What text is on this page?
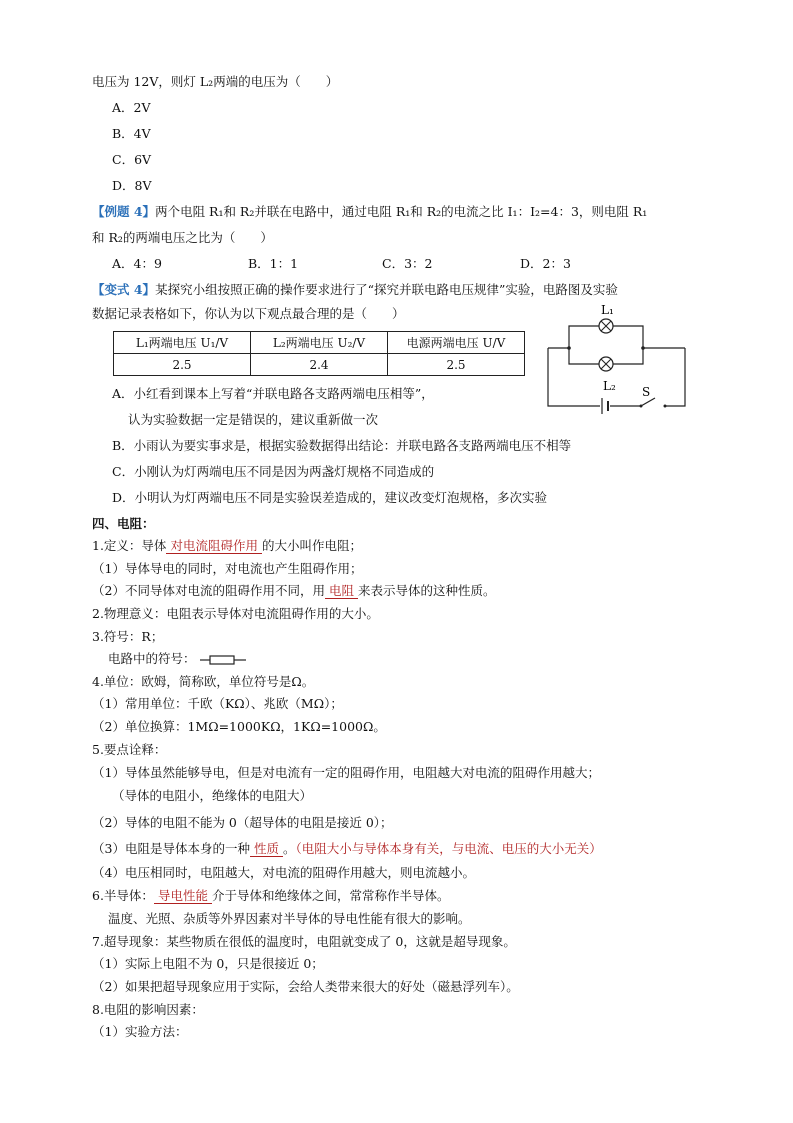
电压为 12V，则灯 L₂两端的电压为（　　）
A．2V
B．4V
C．6V
D．8V
【例题 4】两个电阻 R₁和 R₂并联在电路中，通过电阻 R₁和 R₂的电流之比 I₁：I₂=4：3，则电阻 R₁
和 R₂的两端电压之比为（　　）
A．4：9	B．1：1	C．3：2	D．2：3
【变式 4】某探究小组按照正确的操作要求进行了“探究并联电路电压规律”实验，电路图及实验
数据记录表格如下，你认为以下观点最合理的是（　　）
L₁两端电压 U₁/V	L₂两端电压 U₂/V	电源两端电压 U/V
2.5	2.4	2.5
L₁
L₂ S
A．小红看到课本上写着“并联电路各支路两端电压相等”，
认为实验数据一定是错误的，建议重新做一次
B．小雨认为要实事求是，根据实验数据得出结论：并联电路各支路两端电压不相等
C．小刚认为灯两端电压不同是因为两盏灯规格不同造成的
D．小明认为灯两端电压不同是实验误差造成的，建议改变灯泡规格，多次实验
四、电阻：
1.定义：导体 对电流阻碍作用 的大小叫作电阻；
（1）导体导电的同时，对电流也产生阻碍作用；
（2）不同导体对电流的阻碍作用不同，用 电阻 来表示导体的这种性质。
2.物理意义：电阻表示导体对电流阻碍作用的大小。
3.符号：R；
电路中的符号：
4.单位：欧姆，简称欧，单位符号是Ω。
（1）常用单位：千欧（KΩ）、兆欧（MΩ）；
（2）单位换算：1MΩ=1000KΩ，1KΩ=1000Ω。
5.要点诠释：
（1）导体虽然能够导电，但是对电流有一定的阻碍作用，电阻越大对电流的阻碍作用越大；
（导体的电阻小，绝缘体的电阻大）
（2）导体的电阻不能为 0（超导体的电阻是接近 0）；
（3）电阻是导体本身的一种 性质 。（电阻大小与导体本身有关，与电流、电压的大小无关）
（4）电压相同时，电阻越大，对电流的阻碍作用越大，则电流越小。
6.半导体： 导电性能 介于导体和绝缘体之间，常常称作半导体。
温度、光照、杂质等外界因素对半导体的导电性能有很大的影响。
7.超导现象：某些物质在很低的温度时，电阻就变成了 0，这就是超导现象。
（1）实际上电阻不为 0，只是很接近 0；
（2）如果把超导现象应用于实际，会给人类带来很大的好处（磁悬浮列车）。
8.电阻的影响因素：
（1）实验方法：
